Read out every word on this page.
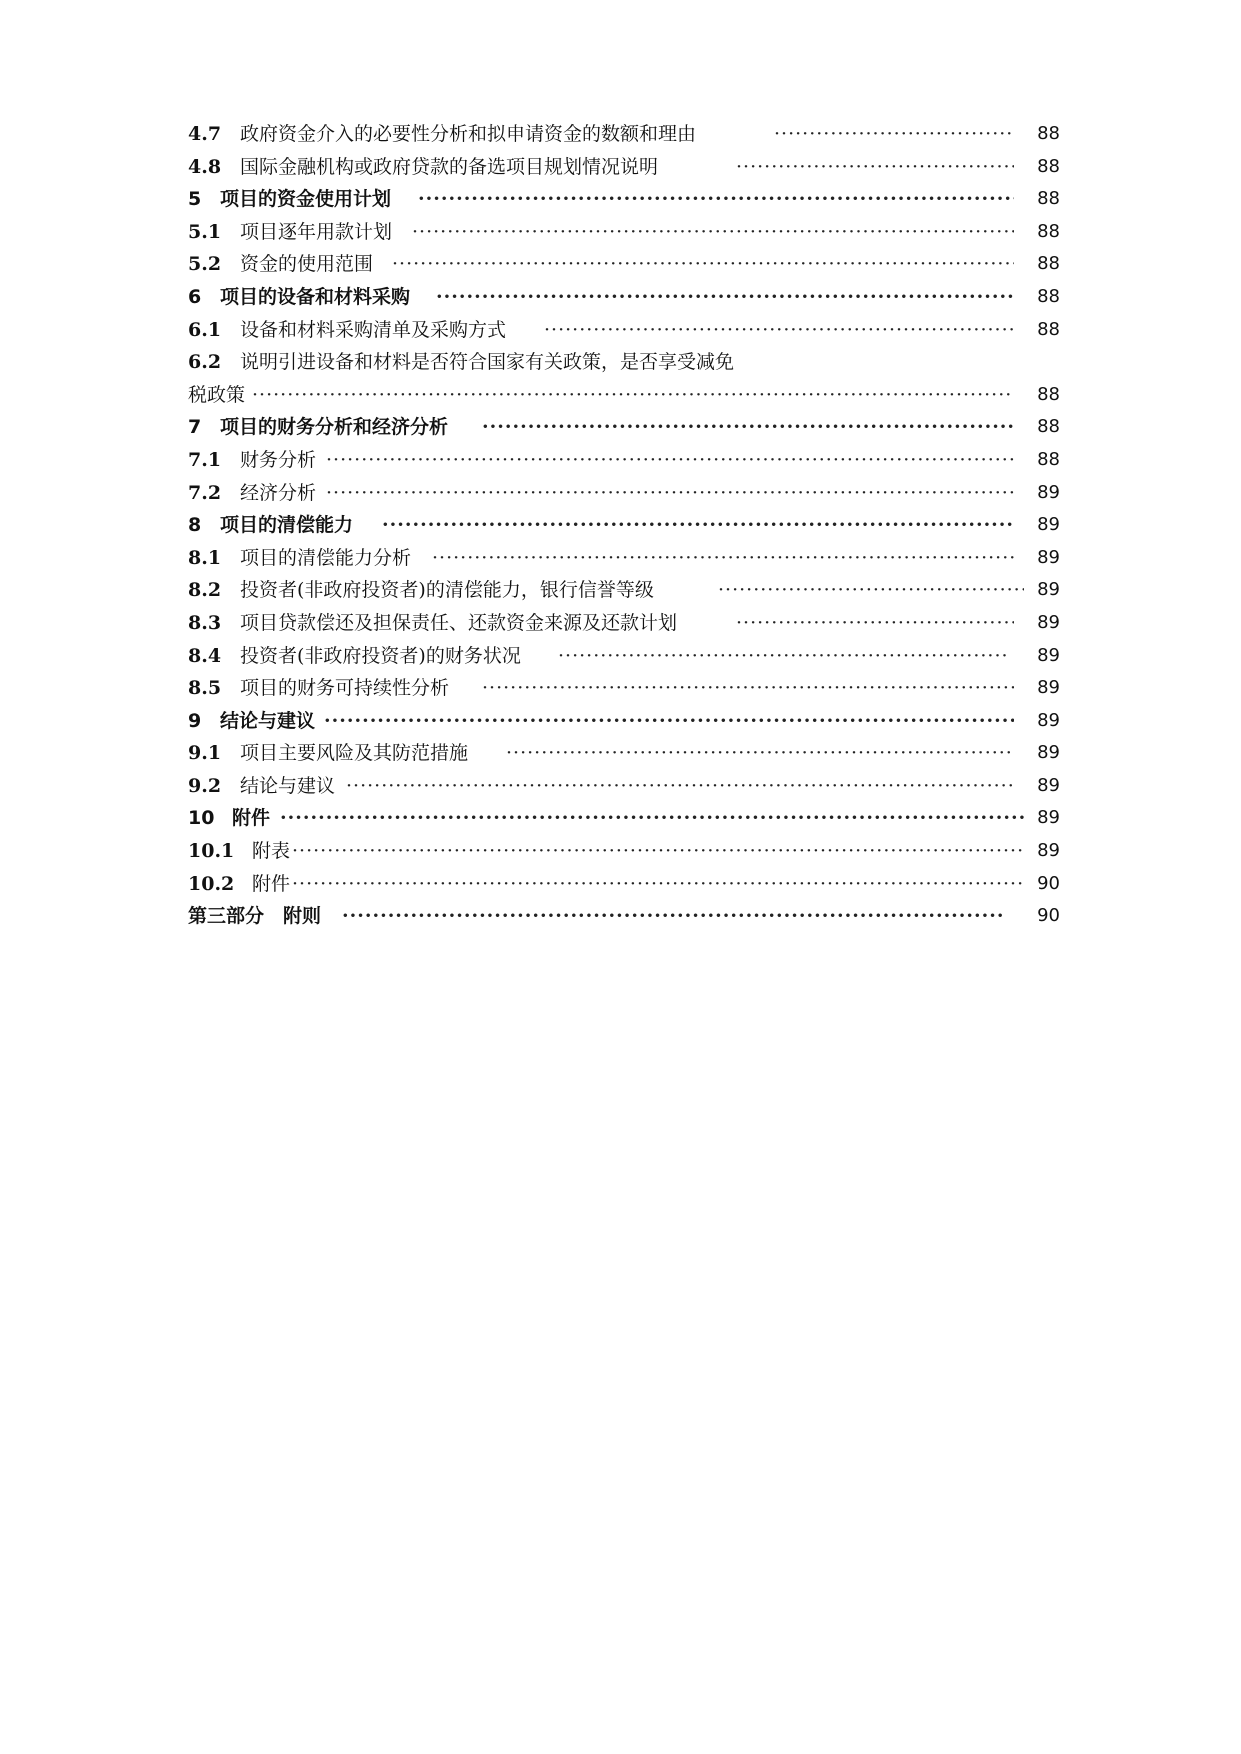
4.7 政府资金介入的必要性分析和拟申请资金的数额和理由 ·····	88
4.8 国际金融机构或政府贷款的备选项目规划情况说明 ·····	88
5 项目的资金使用计划 ·····	88
5.1 项目逐年用款计划 ·····	88
5.2 资金的使用范围 ·····	88
6 项目的设备和材料采购 ·····	88
6.1 设备和材料采购清单及采购方式 ·····	88
6.2 说明引进设备和材料是否符合国家有关政策，是否享受减免
税政策 ·····	88
7 项目的财务分析和经济分析 ·····	88
7.1 财务分析 ·····	88
7.2 经济分析 ·····	89
8 项目的清偿能力 ·····	89
8.1 项目的清偿能力分析 ·····	89
8.2 投资者(非政府投资者)的清偿能力，银行信誉等级 ·····	89
8.3 项目贷款偿还及担保责任、还款资金来源及还款计划 ·····	89
8.4 投资者(非政府投资者)的财务状况 ·····	89
8.5 项目的财务可持续性分析 ·····	89
9 结论与建议 ·····	89
9.1 项目主要风险及其防范措施 ·····	89
9.2 结论与建议 ·····	89
10 附件 ·····	89
10.1 附表 ·····	89
10.2 附件 ·····	90
第三部分　附则 ·····	90
